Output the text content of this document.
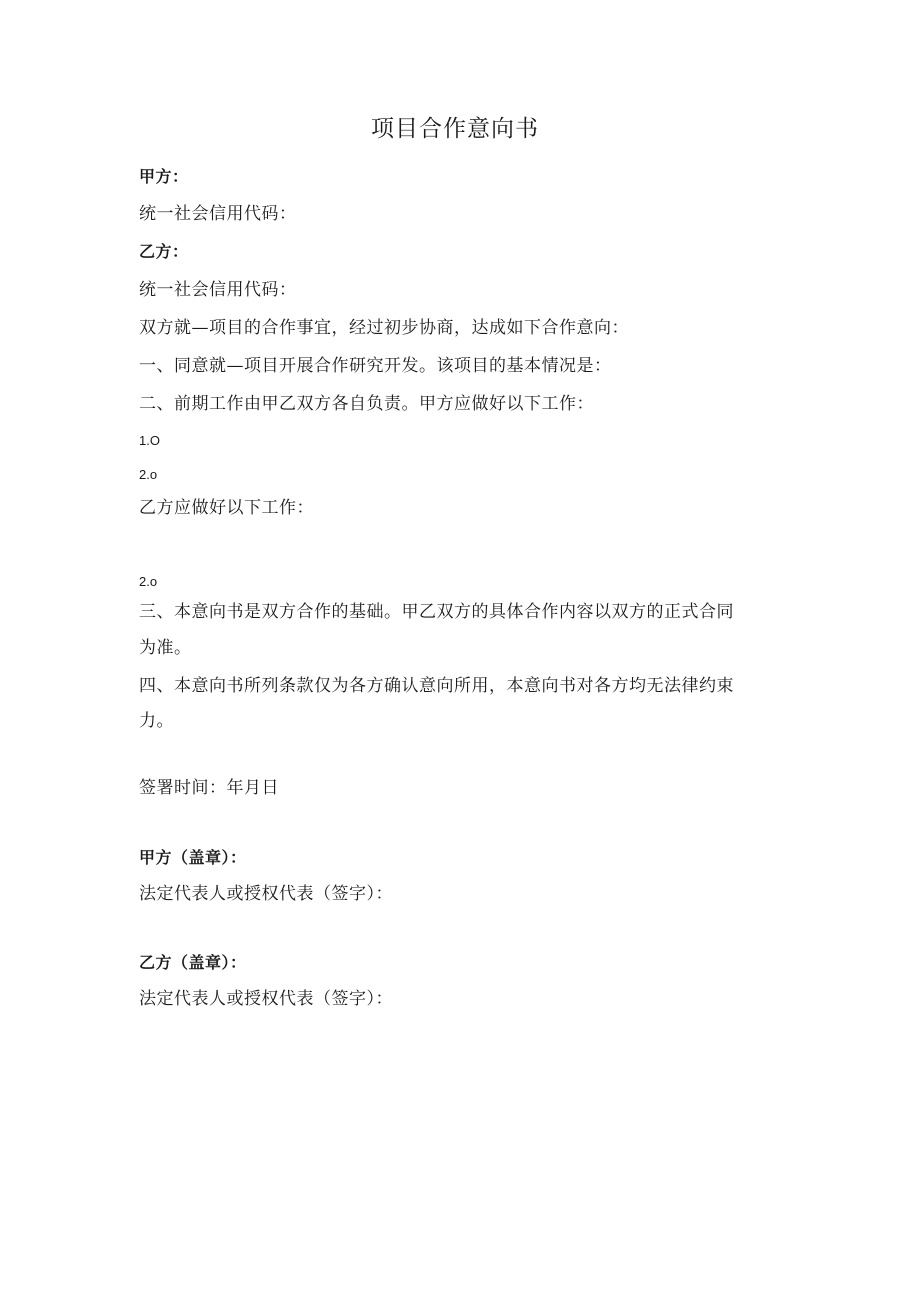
项目合作意向书
甲方：
统一社会信用代码：
乙方：
统一社会信用代码：
双方就—项目的合作事宜，经过初步协商，达成如下合作意向：
一、同意就—项目开展合作研究开发。该项目的基本情况是：
二、前期工作由甲乙双方各自负责。甲方应做好以下工作：
1.O
2.o
乙方应做好以下工作：
2.o
三、本意向书是双方合作的基础。甲乙双方的具体合作内容以双方的正式合同
为准。
四、本意向书所列条款仅为各方确认意向所用，本意向书对各方均无法律约束
力。
签署时间：年月日
甲方（盖章）：
法定代表人或授权代表（签字）：
乙方（盖章）：
法定代表人或授权代表（签字）：
